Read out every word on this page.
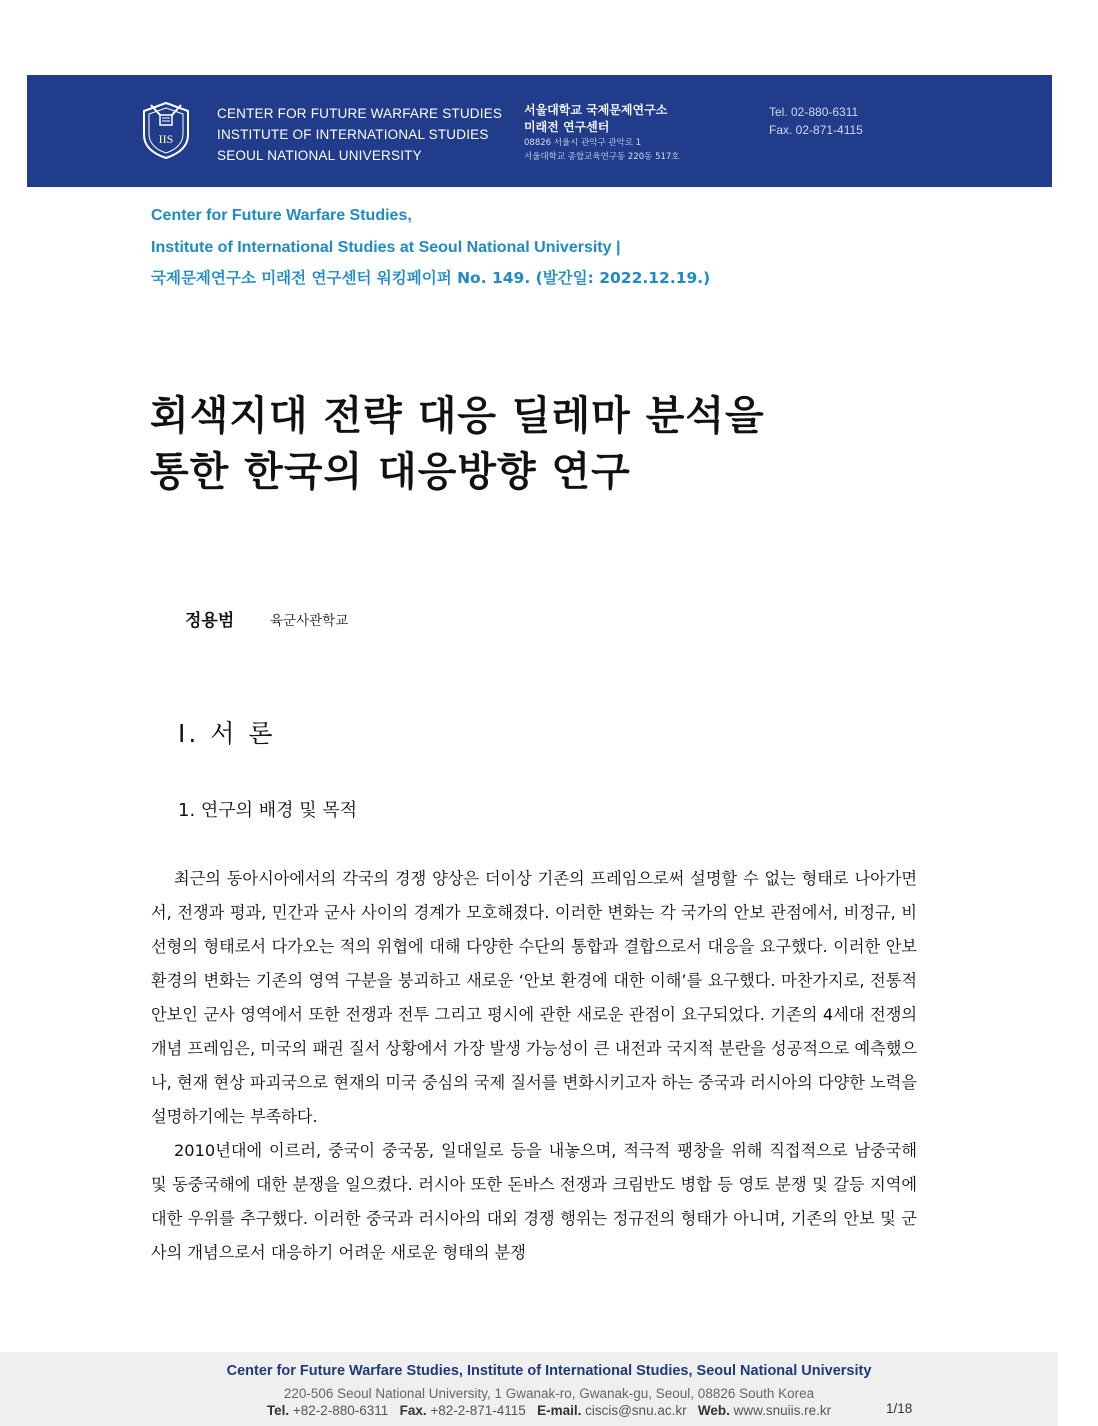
IIS
CENTER FOR FUTURE WARFARE STUDIES
INSTITUTE OF INTERNATIONAL STUDIES
SEOUL NATIONAL UNIVERSITY
서울대학교 국제문제연구소
미래전 연구센터
08826 서울시 관악구 관악로 1
서울대학교 종합교육연구동 220동 517호
Tel. 02-880-6311
Fax. 02-871-4115
Center for Future Warfare Studies,
Institute of International Studies at Seoul National University |
국제문제연구소 미래전 연구센터 워킹페이퍼 No. 149. (발간일: 2022.12.19.)
회색지대 전략 대응 딜레마 분석을
통한 한국의 대응방향 연구
정용범	육군사관학교
Ⅰ. 서 론
1. 연구의 배경 및 목적

최근의 동아시아에서의 각국의 경쟁 양상은 더이상 기존의 프레임으로써 설명할 수 없는 형태로 나아가면서, 전쟁과 평과, 민간과 군사 사이의 경계가 모호해졌다. 이러한 변화는 각 국가의 안보 관점에서, 비정규, 비선형의 형태로서 다가오는 적의 위협에 대해 다양한 수단의 통합과 결합으로서 대응을 요구했다. 이러한 안보 환경의 변화는 기존의 영역 구분을 붕괴하고 새로운 ‘안보 환경에 대한 이해’를 요구했다. 마찬가지로, 전통적 안보인 군사 영역에서 또한 전쟁과 전투 그리고 평시에 관한 새로운 관점이 요구되었다. 기존의 4세대 전쟁의 개념 프레임은, 미국의 패권 질서 상황에서 가장 발생 가능성이 큰 내전과 국지적 분란을 성공적으로 예측했으나, 현재 현상 파괴국으로 현재의 미국 중심의 국제 질서를 변화시키고자 하는 중국과 러시아의 다양한 노력을 설명하기에는 부족하다.

2010년대에 이르러, 중국이 중국몽, 일대일로 등을 내놓으며, 적극적 팽창을 위해 직접적으로 남중국해 및 동중국해에 대한 분쟁을 일으켰다. 러시아 또한 돈바스 전쟁과 크림반도 병합 등 영토 분쟁 및 갈등 지역에 대한 우위를 추구했다. 이러한 중국과 러시아의 대외 경쟁 행위는 정규전의 형태가 아니며, 기존의 안보 및 군사의 개념으로서 대응하기 어려운 새로운 형태의 분쟁

Center for Future Warfare Studies, Institute of International Studies, Seoul National University
220-506 Seoul National University, 1 Gwanak-ro, Gwanak-gu, Seoul, 08826 South Korea
Tel. +82-2-880-6311 Fax. +82-2-871-4115 E-mail. ciscis@snu.ac.kr Web. www.snuiis.re.kr	1/18
